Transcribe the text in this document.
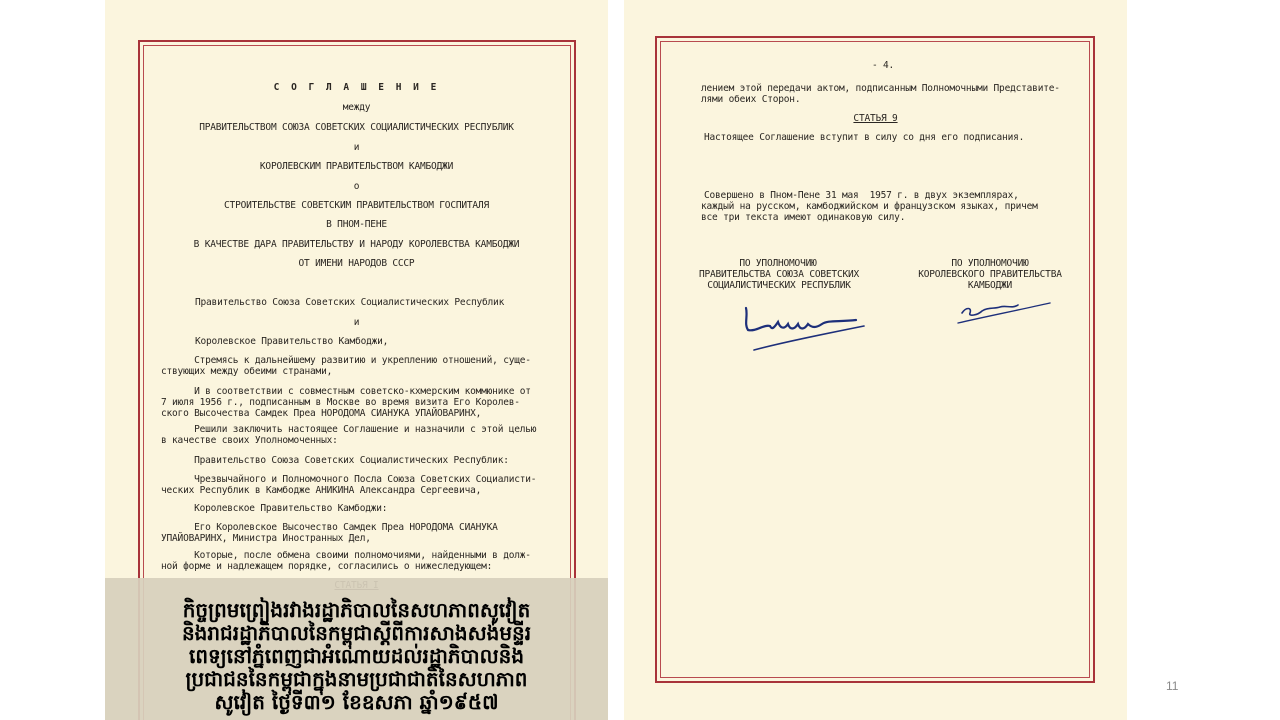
С О Г Л А Ш Е Н И Е
между
ПРАВИТЕЛЬСТВОМ СОЮЗА СОВЕТСКИХ СОЦИАЛИСТИЧЕСКИХ РЕСПУБЛИК
и
КОРОЛЕВСКИМ ПРАВИТЕЛЬСТВОМ КАМБОДЖИ
о
СТРОИТЕЛЬСТВЕ СОВЕТСКИМ ПРАВИТЕЛЬСТВОМ ГОСПИТАЛЯ
В ПНОМ-ПЕНЕ
В КАЧЕСТВЕ ДАРА ПРАВИТЕЛЬСТВУ И НАРОДУ КОРОЛЕВСТВА КАМБОДЖИ
ОТ ИМЕНИ НАРОДОВ СССР
Правительство Союза Советских Социалистических Республик
и
Королевское Правительство Камбоджи,
Стремясь к дальнейшему развитию и укреплению отношений, суще-
ствующих между обеими странами,
И в соответствии с совместным советско-кхмерским коммюнике от
7 июля 1956 г., подписанным в Москве во время визита Его Королев-
ского Высочества Самдек Преа НОРОДОМА СИАНУКА УПАЙОВАРИНХ,
Решили заключить настоящее Соглашение и назначили с этой целью
в качестве своих Уполномоченных:
Правительство Союза Советских Социалистических Республик:
Чрезвычайного и Полномочного Посла Союза Советских Социалисти-
ческих Республик в Камбодже АНИКИНА Александра Сергеевича,
Королевское Правительство Камбоджи:
Его Королевское Высочество Самдек Преа НОРОДОМА СИАНУКА
УПАЙОВАРИНХ, Министра Иностранных Дел,
Которые, после обмена своими полномочиями, найденными в долж-
ной форме и надлежащем порядке, согласились о нижеследующем:
- 4.
лением этой передачи актом, подписанным Полномочными Представите-
лями обеих Сторон.
СТАТЬЯ 9
Настоящее Соглашение вступит в силу со дня его подписания.
Совершено в Пном-Пене 31 мая  1957 г. в двух экземплярах,
каждый на русском, камбоджийском и французском языках, причем
все три текста имеют одинаковую силу.
ПО УПОЛНОМОЧИЮ
ПРАВИТЕЛЬСТВА СОЮЗА СОВЕТСКИХ
СОЦИАЛИСТИЧЕСКИХ РЕСПУБЛИК
ПО УПОЛНОМОЧИЮ
КОРОЛЕВСКОГО ПРАВИТЕЛЬСТВА
КАМБОДЖИ
កិច្ចព្រមព្រៀងរវាងរដ្ឋាភិបាលនៃសហភាពសូវៀត
និងរាជរដ្ឋាភិបាលនៃកម្ពុជាស្តីពីការសាងសង់មន្ទីរ
ពេទ្យនៅភ្នំពេញជាអំណោយដល់រដ្ឋាភិបាលនិង
ប្រជាជននៃកម្ពុជាក្នុងនាមប្រជាជាតិនៃសហភាព
សូវៀត ថ្ងៃទី៣១ ខែឧសភា ឆ្នាំ១៩៥៧
11
